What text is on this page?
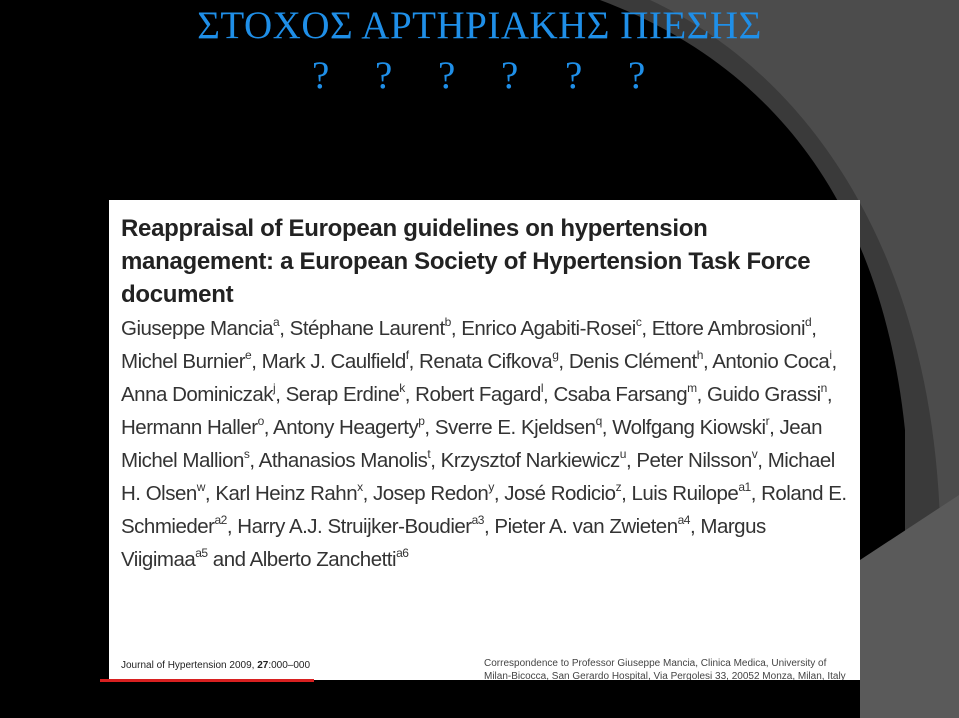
ΣΤΟΧΟΣ ΑΡΤΗΡΙΑΚΗΣ ΠΙΕΣΗΣ
? ? ? ? ? ?
Reappraisal of European guidelines on hypertension management: a European Society of Hypertension Task Force document
Giuseppe Mancia$^a$, Stéphane Laurent$^b$, Enrico Agabiti-Rosei$^c$, Ettore Ambrosioni$^d$, Michel Burnier$^e$, Mark J. Caulfield$^f$, Renata Cifkova$^g$, Denis Clément$^h$, Antonio Coca$^i$, Anna Dominiczak$^j$, Serap Erdine$^k$, Robert Fagard$^l$, Csaba Farsang$^m$, Guido Grassi$^n$, Hermann Haller$^o$, Antony Heagerty$^p$, Sverre E. Kjeldsen$^q$, Wolfgang Kiowski$^r$, Jean Michel Mallion$^s$, Athanasios Manolis$^t$, Krzysztof Narkiewicz$^u$, Peter Nilsson$^v$, Michael H. Olsen$^w$, Karl Heinz Rahn$^x$, Josep Redon$^y$, José Rodicio$^z$, Luis Ruilope$^{a1}$, Roland E. Schmieder$^{a2}$, Harry A.J. Struijker-Boudier$^{a3}$, Pieter A. van Zwieten$^{a4}$, Margus Viigimaa$^{a5}$ and Alberto Zanchetti$^{a6}$
Journal of Hypertension 2009, 27:000–000	Correspondence to Professor Giuseppe Mancia, Clinica Medica, University of Milan-Bicocca, San Gerardo Hospital, Via Pergolesi 33, 20052 Monza, Milan, Italy
